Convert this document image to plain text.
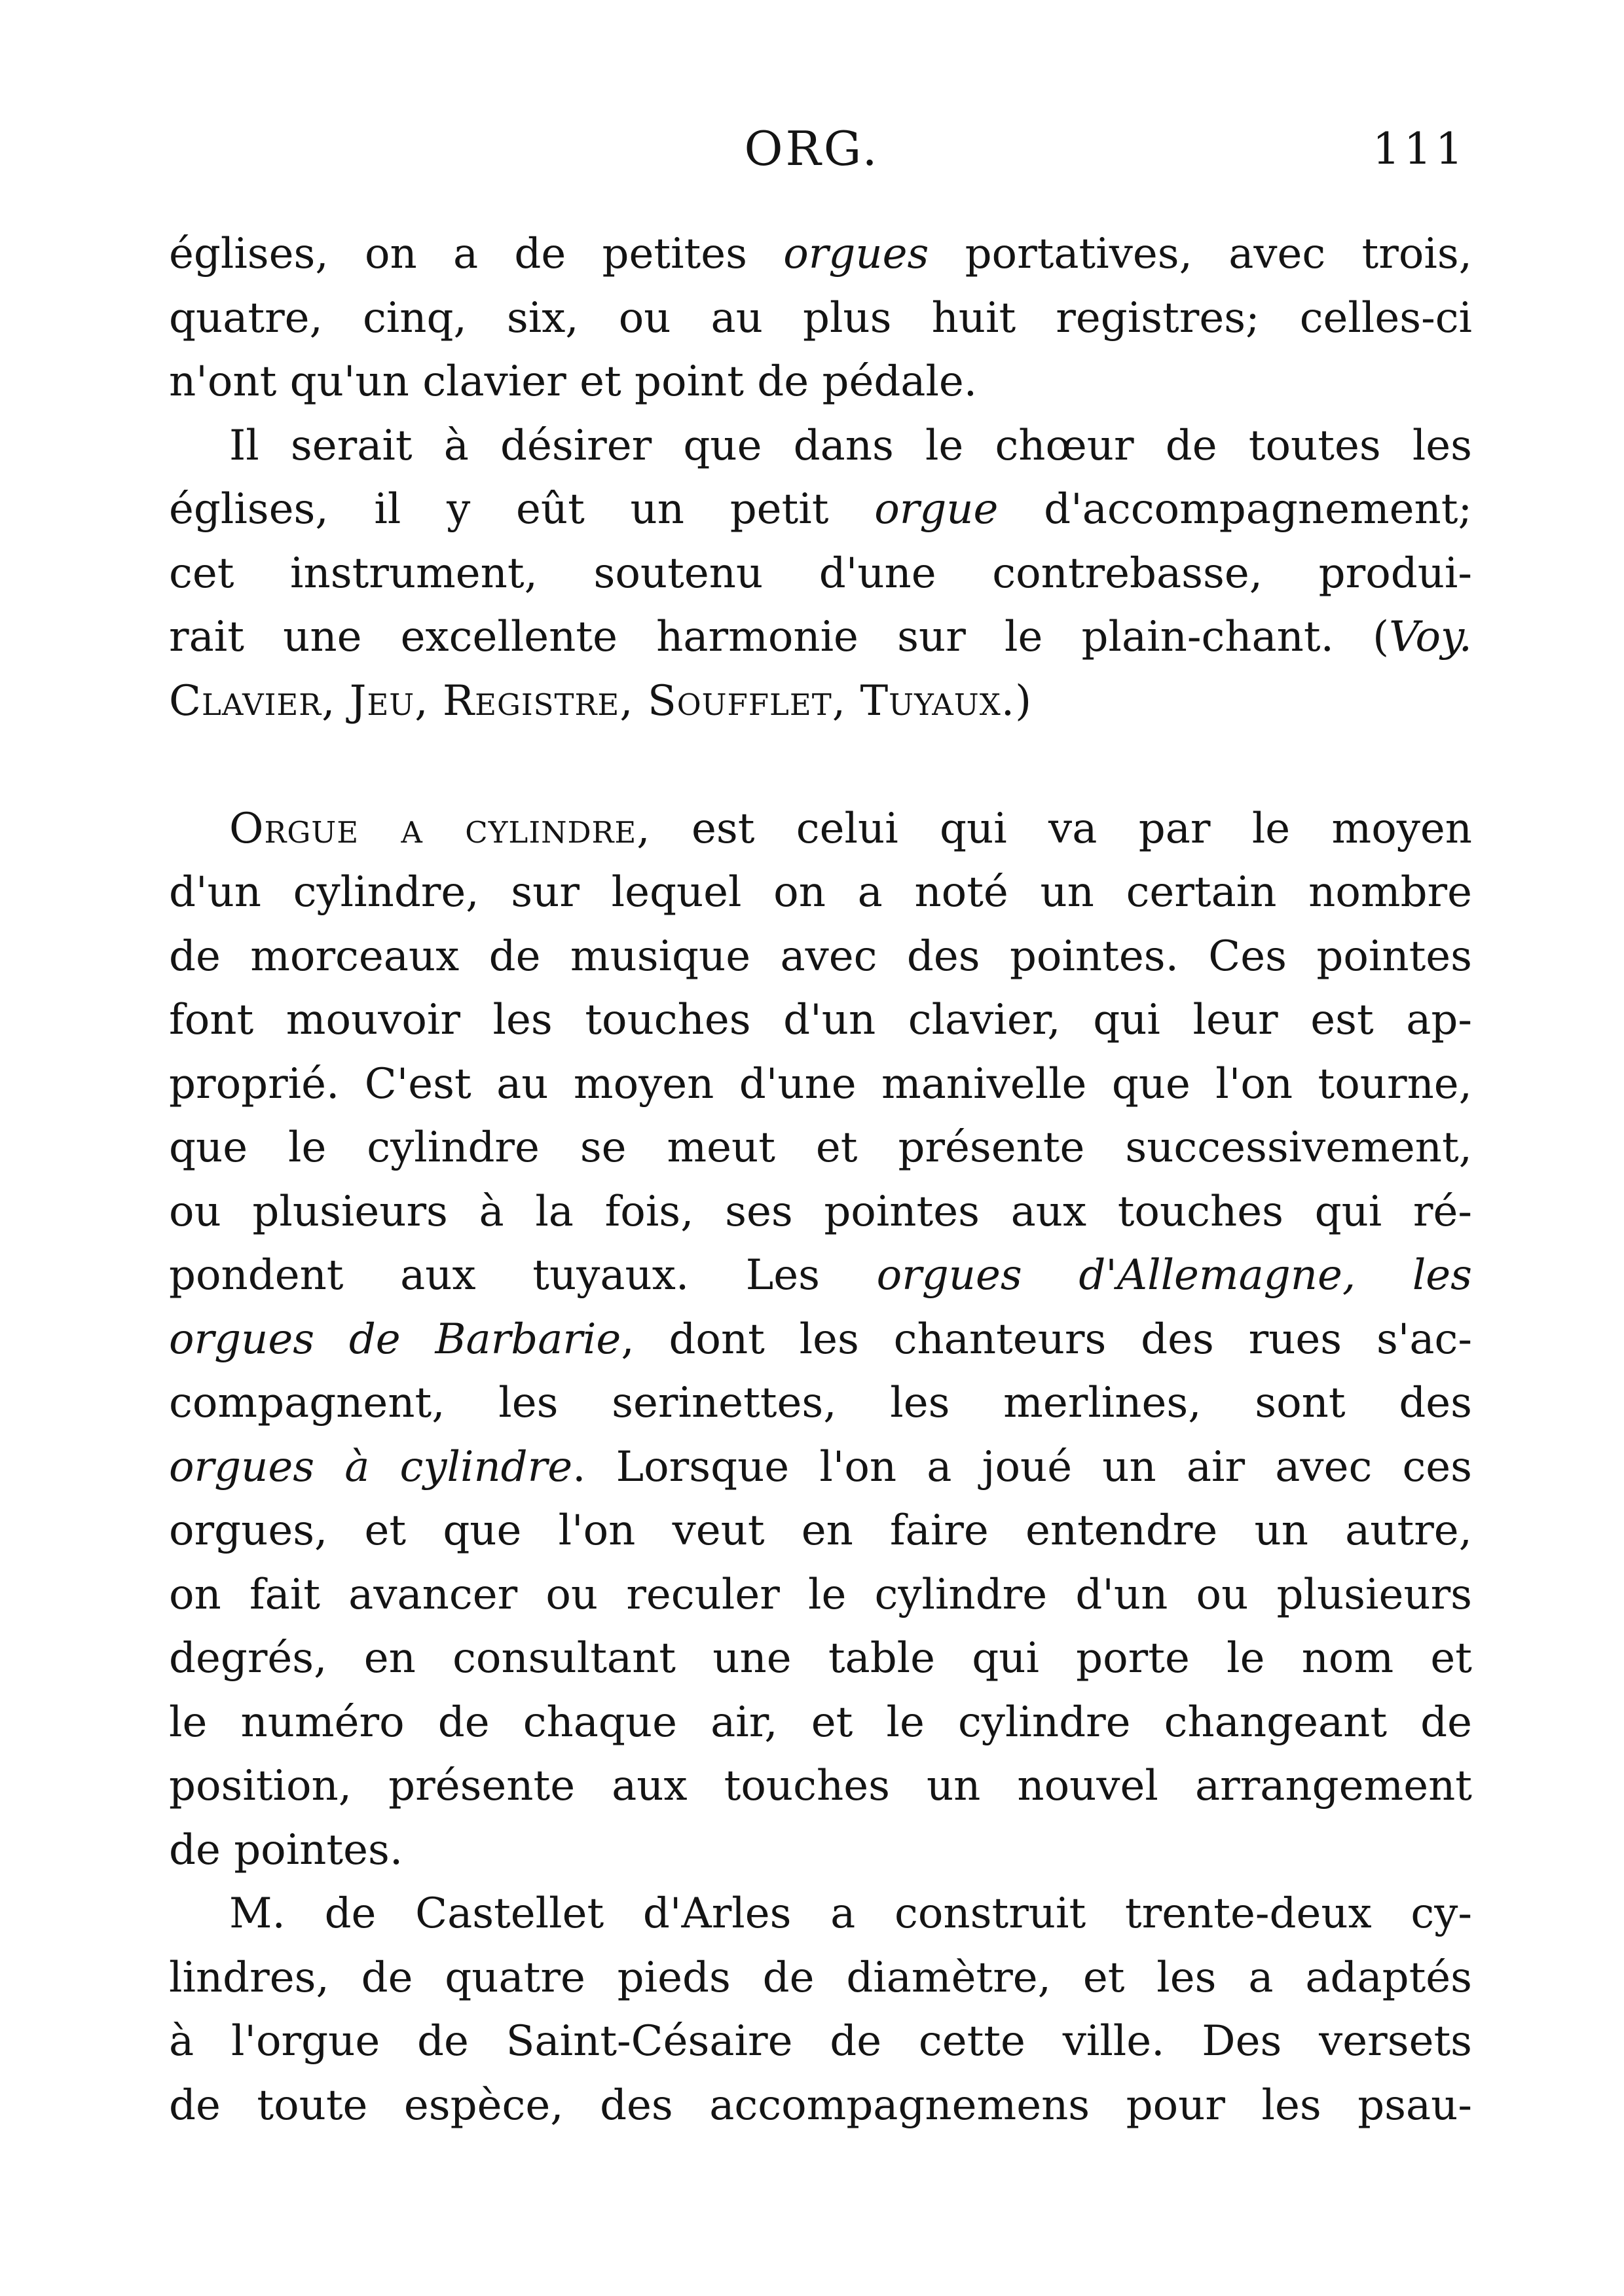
ORG.	111
églises, on a de petites orgues portatives, avec trois,
quatre, cinq, six, ou au plus huit registres; celles-ci
n'ont qu'un clavier et point de pédale.
Il serait à désirer que dans le chœur de toutes les
églises, il y eût un petit orgue d'accompagnement;
cet instrument, soutenu d'une contrebasse, produi-
rait une excellente harmonie sur le plain-chant. (Voy.
Clavier, Jeu, Registre, Soufflet, Tuyaux.)
Orgue a cylindre, est celui qui va par le moyen
d'un cylindre, sur lequel on a noté un certain nombre
de morceaux de musique avec des pointes. Ces pointes
font mouvoir les touches d'un clavier, qui leur est ap-
proprié. C'est au moyen d'une manivelle que l'on tourne,
que le cylindre se meut et présente successivement,
ou plusieurs à la fois, ses pointes aux touches qui ré-
pondent aux tuyaux. Les orgues d'Allemagne, les
orgues de Barbarie, dont les chanteurs des rues s'ac-
compagnent, les serinettes, les merlines, sont des
orgues à cylindre. Lorsque l'on a joué un air avec ces
orgues, et que l'on veut en faire entendre un autre,
on fait avancer ou reculer le cylindre d'un ou plusieurs
degrés, en consultant une table qui porte le nom et
le numéro de chaque air, et le cylindre changeant de
position, présente aux touches un nouvel arrangement
de pointes.
M. de Castellet d'Arles a construit trente-deux cy-
lindres, de quatre pieds de diamètre, et les a adaptés
à l'orgue de Saint-Césaire de cette ville. Des versets
de toute espèce, des accompagnemens pour les psau-
